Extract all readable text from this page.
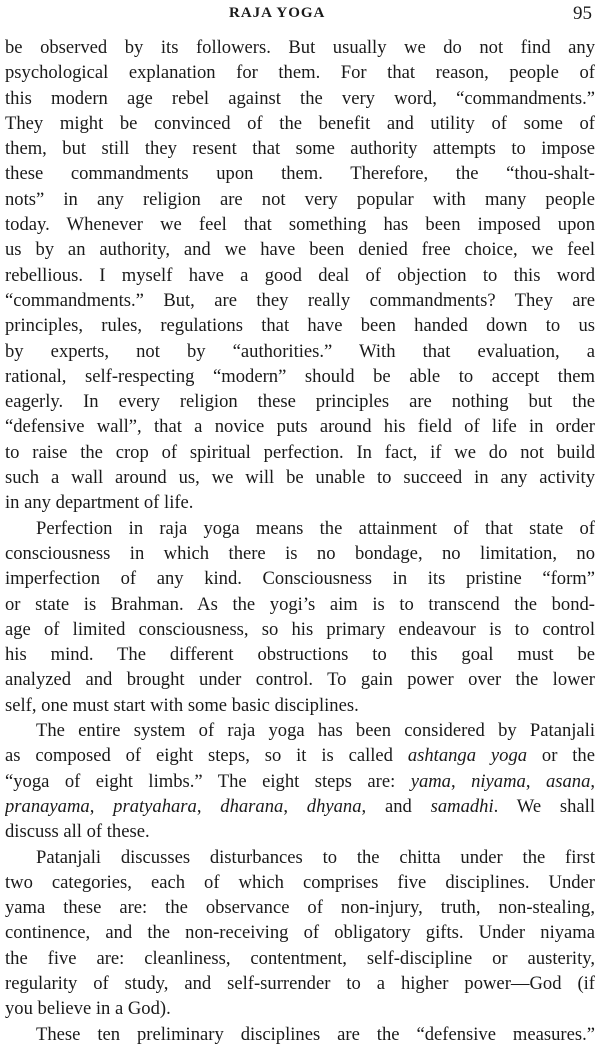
RAJA YOGA	95
be observed by its followers. But usually we do not find any
psychological explanation for them. For that reason, people of
this modern age rebel against the very word, “commandments.”
They might be convinced of the benefit and utility of some of
them, but still they resent that some authority attempts to impose
these commandments upon them. Therefore, the “thou-shalt-
nots” in any religion are not very popular with many people
today. Whenever we feel that something has been imposed upon
us by an authority, and we have been denied free choice, we feel
rebellious. I myself have a good deal of objection to this word
“commandments.” But, are they really commandments? They are
principles, rules, regulations that have been handed down to us
by experts, not by “authorities.” With that evaluation, a
rational, self-respecting “modern” should be able to accept them
eagerly. In every religion these principles are nothing but the
“defensive wall”, that a novice puts around his field of life in order
to raise the crop of spiritual perfection. In fact, if we do not build
such a wall around us, we will be unable to succeed in any activity
in any department of life.
Perfection in raja yoga means the attainment of that state of
consciousness in which there is no bondage, no limitation, no
imperfection of any kind. Consciousness in its pristine “form”
or state is Brahman. As the yogi’s aim is to transcend the bond-
age of limited consciousness, so his primary endeavour is to control
his mind. The different obstructions to this goal must be
analyzed and brought under control. To gain power over the lower
self, one must start with some basic disciplines.
The entire system of raja yoga has been considered by Patanjali
as composed of eight steps, so it is called ashtanga yoga or the
“yoga of eight limbs.” The eight steps are: yama, niyama, asana,
pranayama, pratyahara, dharana, dhyana, and samadhi. We shall
discuss all of these.
Patanjali discusses disturbances to the chitta under the first
two categories, each of which comprises five disciplines. Under
yama these are: the observance of non-injury, truth, non-stealing,
continence, and the non-receiving of obligatory gifts. Under niyama
the five are: cleanliness, contentment, self-discipline or austerity,
regularity of study, and self-surrender to a higher power—God (if
you believe in a God).
These ten preliminary disciplines are the “defensive measures.”
